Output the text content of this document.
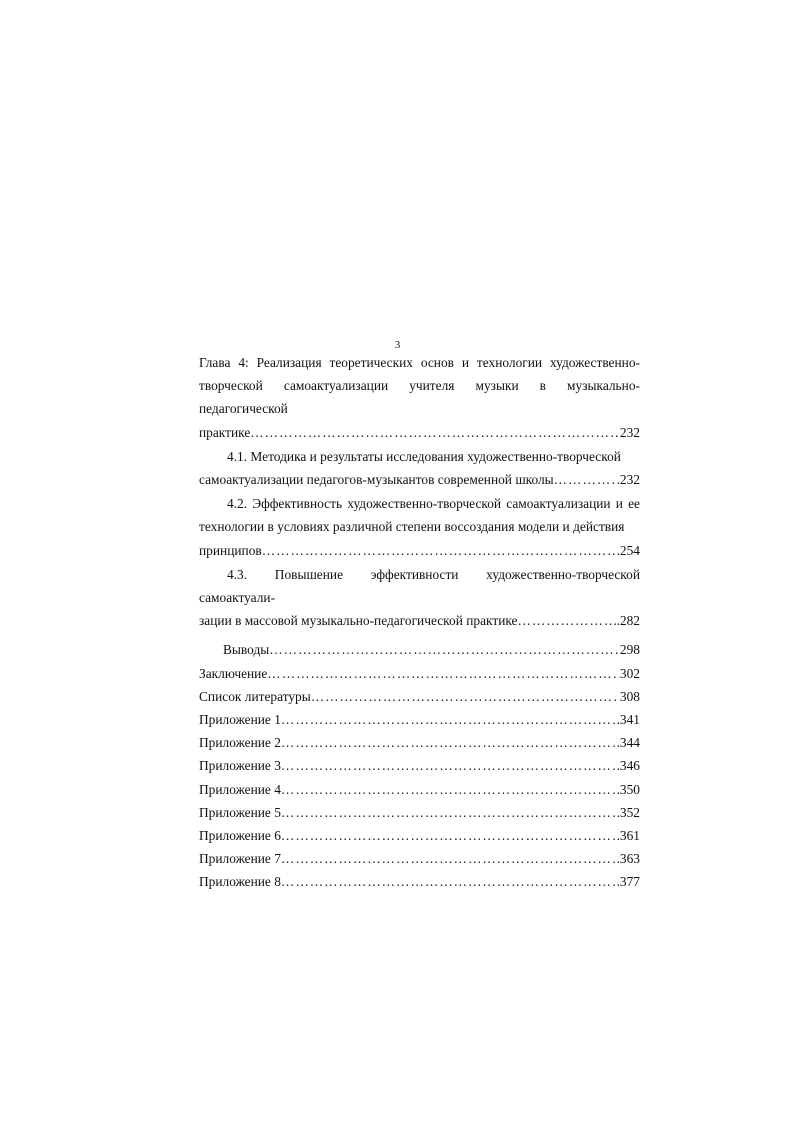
3
Глава 4: Реализация теоретических основ и технологии художественно-творческой самоактуализации учителя музыки в музыкально-педагогической
практике ……………………………………………………………………………………………………………………………………………………	232
4.1. Методика и результаты исследования художественно-творческой
самоактуализации педагогов-музыкантов современной школы ……………………………………………………………………………………………………………………………………………………	.232
4.2. Эффективность художественно-творческой самоактуализации и ее технологии в условиях различной степени воссоздания модели и действия
принципов ……………………………………………………………………………………………………………………………………………………	254
4.3. Повышение эффективности художественно-творческой самоактуали-
зации в массовой музыкально-педагогической практике ……………………………………………………………………………………………………………………………………………………	.282
Выводы ……………………………………………………………………………………………………………………………………………………	298
Заключение ……………………………………………………………………………………………………………………………………………………	302
Список литературы ……………………………………………………………………………………………………………………………………………………	308
Приложение 1 ……………………………………………………………………………………………………………………………………………………	.341
Приложение 2 ……………………………………………………………………………………………………………………………………………………	.344
Приложение 3 ……………………………………………………………………………………………………………………………………………………	.346
Приложение 4 ……………………………………………………………………………………………………………………………………………………	.350
Приложение 5 ……………………………………………………………………………………………………………………………………………………	.352
Приложение 6 ……………………………………………………………………………………………………………………………………………………	.361
Приложение 7 ……………………………………………………………………………………………………………………………………………………	.363
Приложение 8 ……………………………………………………………………………………………………………………………………………………	.377
